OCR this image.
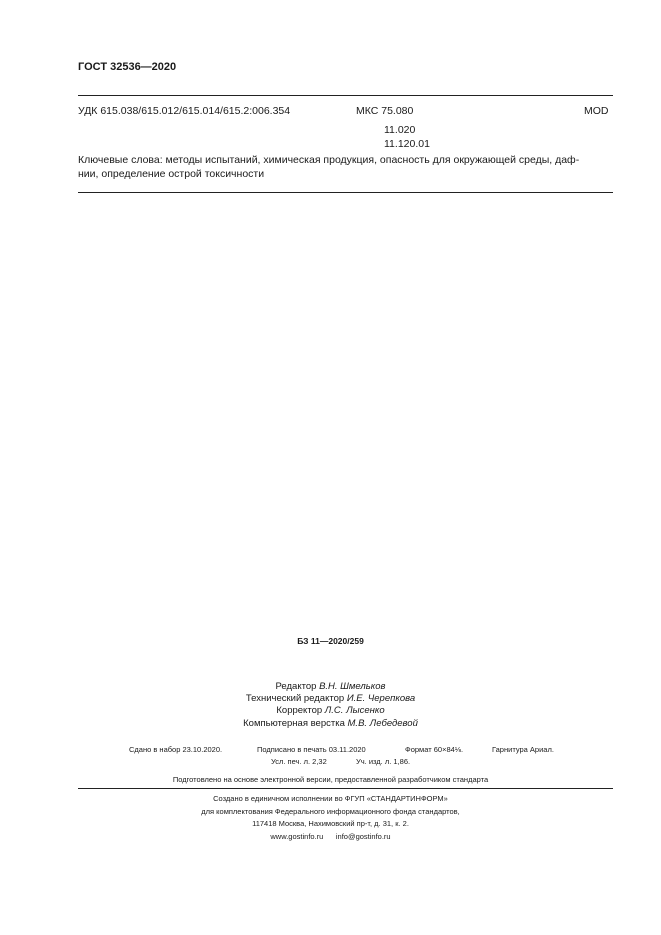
ГОСТ 32536—2020
УДК 615.038/615.012/615.014/615.2:006.354	МКС 75.080
11.020
11.120.01
MOD
Ключевые слова: методы испытаний, химическая продукция, опасность для окружающей среды, даф-
нии, определение острой токсичности
БЗ 11—2020/259
Редактор В.Н. Шмельков
Технический редактор И.Е. Черепкова
Корректор Л.С. Лысенко
Компьютерная верстка М.В. Лебедевой
Сдано в набор 23.10.2020.	Подписано в печать 03.11.2020	Формат 60×84⅛.	Гарнитура Ариал.
Усл. печ. л. 2,32	Уч. изд. л. 1,86.
Подготовлено на основе электронной версии, предоставленной разработчиком стандарта
Создано в единичном исполнении во ФГУП «СТАНДАРТИНФОРМ»
для комплектования Федерального информационного фонда стандартов,
117418 Москва, Нахимовский пр-т, д. 31, к. 2.
www.gostinfo.ru info@gostinfo.ru
